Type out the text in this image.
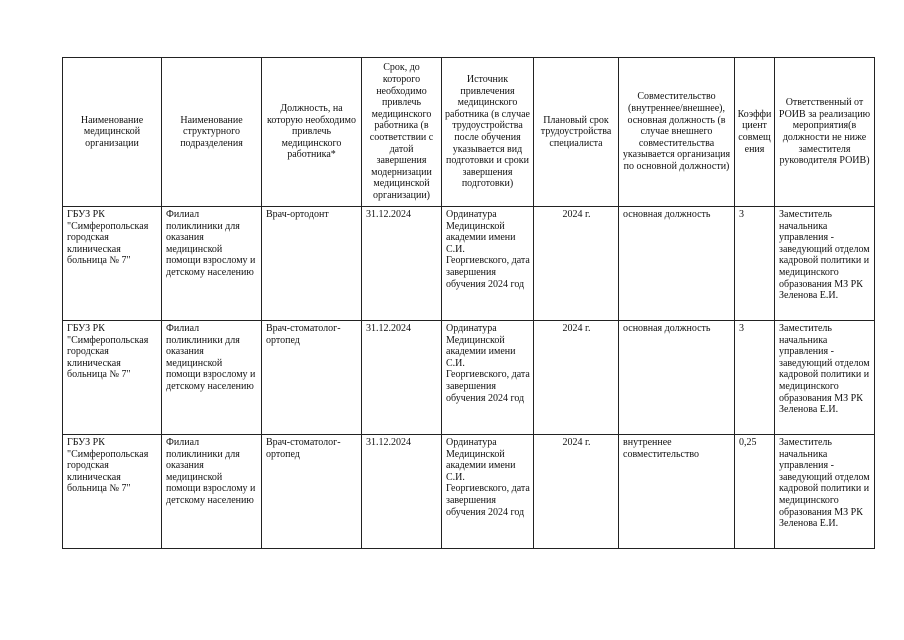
Наименование медицинской организации	Наименование структурного подразделения	Должность, на которую необходимо привлечь медицинского работника*	Срок, до которого необходимо привлечь медицинского работника (в соответствии с датой завершения модернизации медицинской организации)	Источник привлечения медицинского работника (в случае трудоустройства после обучения указывается вид подготовки и сроки завершения подготовки)	Плановый срок трудоустройства специалиста	Совместительство (внутреннее/внешнее), основная должность (в случае внешнего совместительства указывается организация по основной должности)	Коэффициент совмещения	Ответственный от РОИВ за реализацию мероприятия(в должности не ниже заместителя руководителя РОИВ)
ГБУЗ РК "Симферопольская городская клиническая больница № 7"	Филиал поликлиники для оказания медицинской помощи взрослому и детскому населению	Врач-ортодонт	31.12.2024	Ординатура Медицинской академии имени С.И. Георгиевского, дата завершения обучения 2024 год	2024 г.	основная должность	3	Заместитель начальника управления - заведующий отделом кадровой политики и медицинского образования МЗ РК Зеленова Е.И.
ГБУЗ РК "Симферопольская городская клиническая больница № 7"	Филиал поликлиники для оказания медицинской помощи взрослому и детскому населению	Врач-стоматолог-ортопед	31.12.2024	Ординатура Медицинской академии имени С.И. Георгиевского, дата завершения обучения 2024 год	2024 г.	основная должность	3	Заместитель начальника управления - заведующий отделом кадровой политики и медицинского образования МЗ РК Зеленова Е.И.
ГБУЗ РК "Симферопольская городская клиническая больница № 7"	Филиал поликлиники для оказания медицинской помощи взрослому и детскому населению	Врач-стоматолог-ортопед	31.12.2024	Ординатура Медицинской академии имени С.И. Георгиевского, дата завершения обучения 2024 год	2024 г.	внутреннее совместительство	0,25	Заместитель начальника управления - заведующий отделом кадровой политики и медицинского образования МЗ РК Зеленова Е.И.
